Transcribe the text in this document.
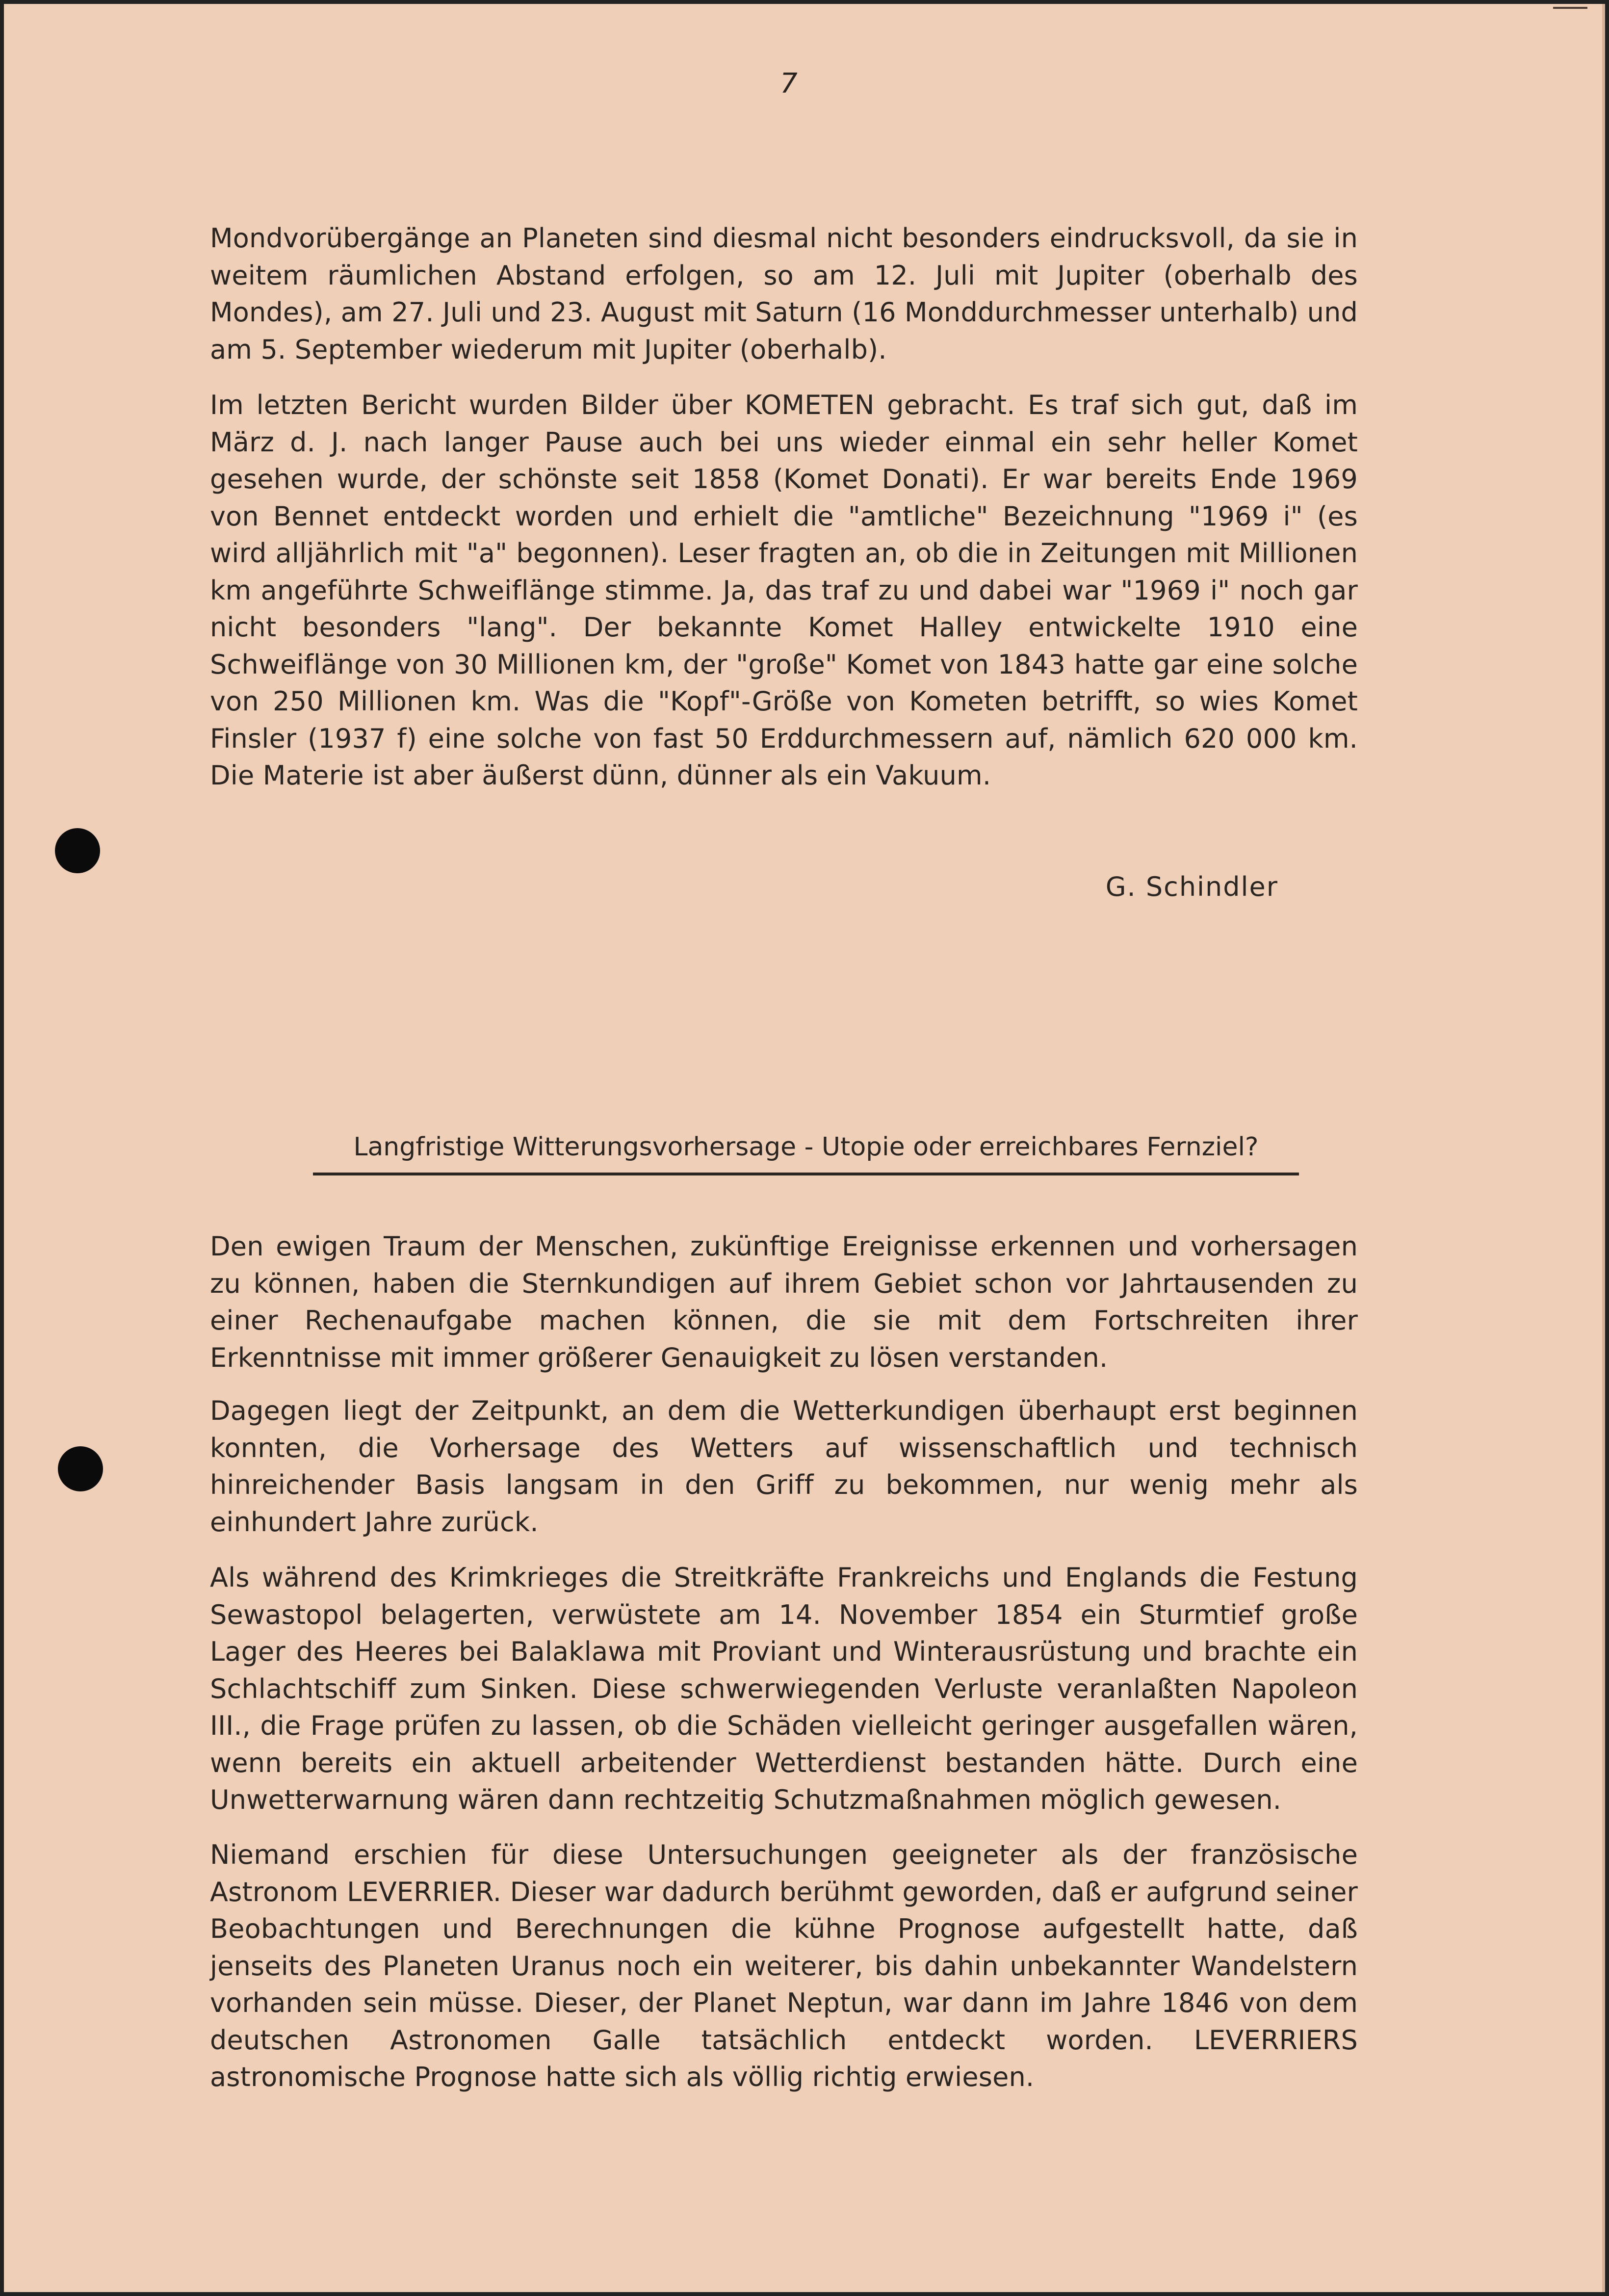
7

Mondvorübergänge an Planeten sind diesmal nicht besonders eindrucksvoll, da sie in weitem räumlichen Abstand erfolgen, so am 12. Juli mit Jupiter (oberhalb des Mondes), am 27. Juli und 23. August mit Saturn (16 Monddurchmesser unterhalb) und am 5. September wiederum mit Jupiter (oberhalb).

Im letzten Bericht wurden Bilder über KOMETEN gebracht. Es traf sich gut, daß im März d. J. nach langer Pause auch bei uns wieder einmal ein sehr heller Komet gesehen wurde, der schönste seit 1858 (Komet Donati). Er war bereits Ende 1969 von Bennet entdeckt worden und erhielt die "amtliche" Bezeichnung "1969 i" (es wird alljährlich mit "a" begonnen). Leser fragten an, ob die in Zeitungen mit Millionen km angeführte Schweiflänge stimme. Ja, das traf zu und dabei war "1969 i" noch gar nicht besonders "lang". Der bekannte Komet Halley entwickelte 1910 eine Schweiflänge von 30 Millionen km, der "große" Komet von 1843 hatte gar eine solche von 250 Millionen km. Was die "Kopf"-Größe von Kometen betrifft, so wies Komet Finsler (1937 f) eine solche von fast 50 Erddurchmessern auf, nämlich 620 000 km. Die Materie ist aber äußerst dünn, dünner als ein Vakuum.

G. Schindler
Langfristige Witterungsvorhersage - Utopie oder erreichbares Fernziel?

Den ewigen Traum der Menschen, zukünftige Ereignisse erkennen und vorhersagen zu können, haben die Sternkundigen auf ihrem Gebiet schon vor Jahrtausenden zu einer Rechenaufgabe machen können, die sie mit dem Fortschreiten ihrer Erkenntnisse mit immer größerer Genauigkeit zu lösen verstanden.

Dagegen liegt der Zeitpunkt, an dem die Wetterkundigen überhaupt erst beginnen konnten, die Vorhersage des Wetters auf wissenschaftlich und technisch hinreichender Basis langsam in den Griff zu bekommen, nur wenig mehr als einhundert Jahre zurück.

Als während des Krimkrieges die Streitkräfte Frankreichs und Englands die Festung Sewastopol belagerten, verwüstete am 14. November 1854 ein Sturmtief große Lager des Heeres bei Balaklawa mit Proviant und Winterausrüstung und brachte ein Schlachtschiff zum Sinken. Diese schwerwiegenden Verluste veranlaßten Napoleon III., die Frage prüfen zu lassen, ob die Schäden vielleicht geringer ausgefallen wären, wenn bereits ein aktuell arbeitender Wetterdienst bestanden hätte. Durch eine Unwetterwarnung wären dann rechtzeitig Schutzmaßnahmen möglich gewesen.

Niemand erschien für diese Untersuchungen geeigneter als der französische Astronom LEVERRIER. Dieser war dadurch berühmt geworden, daß er aufgrund seiner Beobachtungen und Berechnungen die kühne Prognose aufgestellt hatte, daß jenseits des Planeten Uranus noch ein weiterer, bis dahin unbekannter Wandelstern vorhanden sein müsse. Dieser, der Planet Neptun, war dann im Jahre 1846 von dem deutschen Astronomen Galle tatsächlich entdeckt worden. LEVERRIERS astronomische Prognose hatte sich als völlig richtig erwiesen.
